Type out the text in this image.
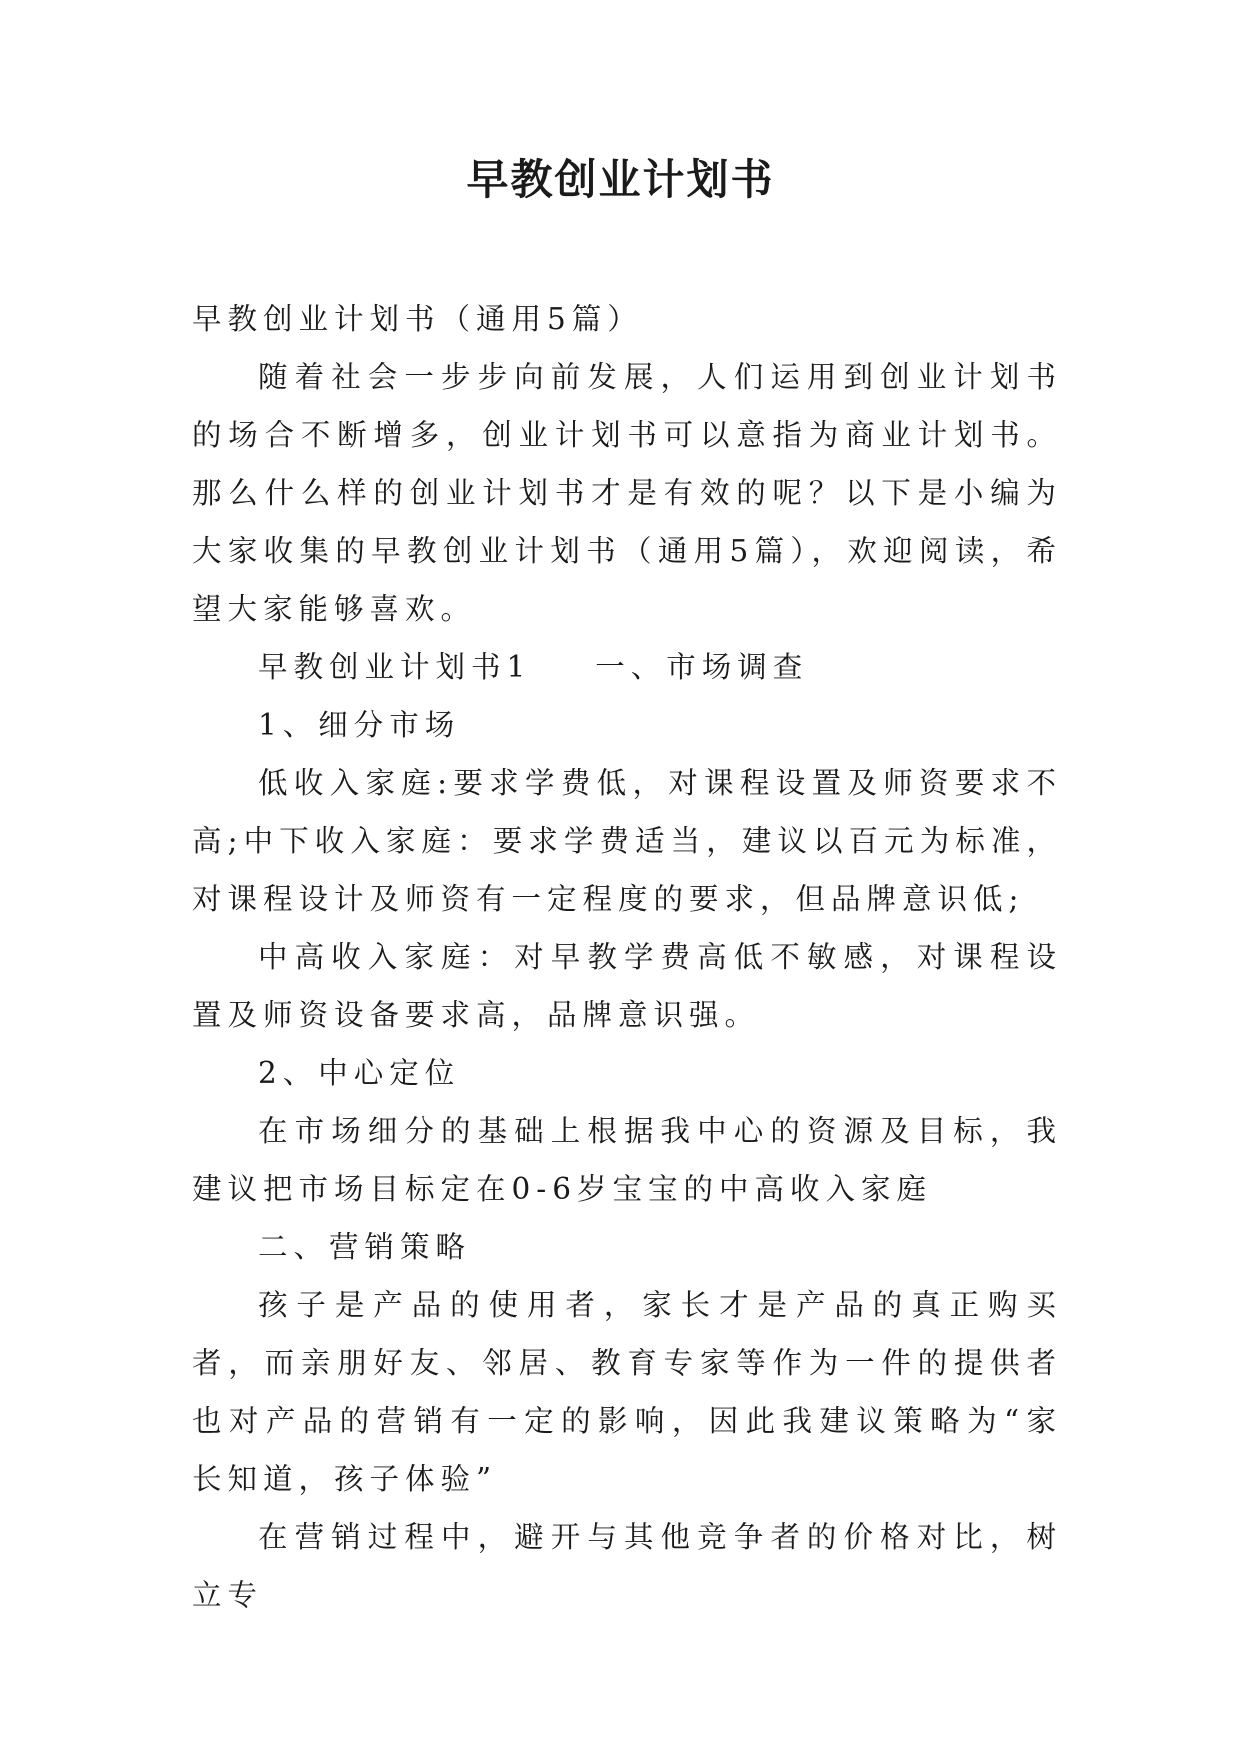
早教创业计划书

早教创业计划书（通用5篇）

随着社会一步步向前发展，人们运用到创业计划书的场合不断增多，创业计划书可以意指为商业计划书。那么什么样的创业计划书才是有效的呢？以下是小编为大家收集的早教创业计划书（通用5篇），欢迎阅读，希望大家能够喜欢。

早教创业计划书1 一、市场调查

1、细分市场

低收入家庭:要求学费低，对课程设置及师资要求不高;中下收入家庭：要求学费适当，建议以百元为标准，对课程设计及师资有一定程度的要求，但品牌意识低;

中高收入家庭：对早教学费高低不敏感，对课程设置及师资设备要求高，品牌意识强。

2、中心定位

在市场细分的基础上根据我中心的资源及目标，我建议把市场目标定在0-6岁宝宝的中高收入家庭

二、营销策略

孩子是产品的使用者，家长才是产品的真正购买者，而亲朋好友、邻居、教育专家等作为一件的提供者也对产品的营销有一定的影响，因此我建议策略为“家长知道，孩子体验”

在营销过程中，避开与其他竞争者的价格对比，树立专
